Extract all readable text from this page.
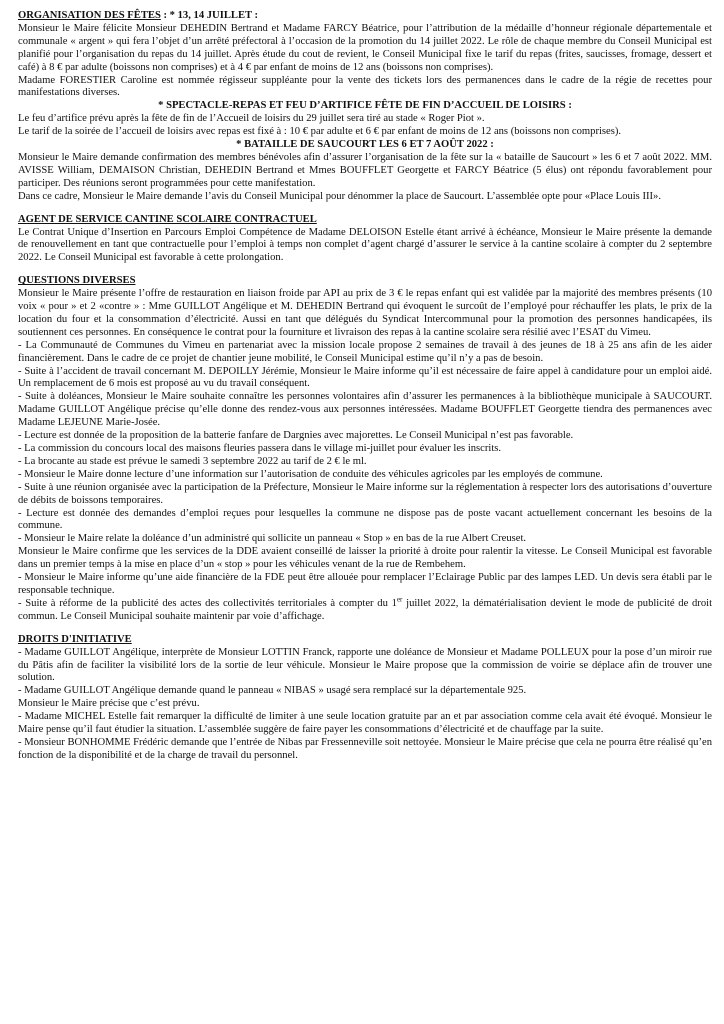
ORGANISATION DES FÊTES : * 13, 14 JUILLET :

Monsieur le Maire félicite Monsieur DEHEDIN Bertrand et Madame FARCY Béatrice, pour l’attribution de la médaille d’honneur régionale départementale et communale « argent » qui fera l’objet d’un arrêté préfectoral à l’occasion de la promotion du 14 juillet 2022. Le rôle de chaque membre du Conseil Municipal est planifié pour l’organisation du repas du 14 juillet. Après étude du cout de revient, le Conseil Municipal fixe le tarif du repas (frites, saucisses, fromage, dessert et café) à 8 € par adulte (boissons non comprises) et à 4 € par enfant de moins de 12 ans (boissons non comprises).

Madame FORESTIER Caroline est nommée régisseur suppléante pour la vente des tickets lors des permanences dans le cadre de la régie de recettes pour manifestations diverses.

* SPECTACLE-REPAS ET FEU D’ARTIFICE FÊTE DE FIN D’ACCUEIL DE LOISIRS :

Le feu d’artifice prévu après la fête de fin de l’Accueil de loisirs du 29 juillet sera tiré au stade « Roger Piot ».

Le tarif de la soirée de l’accueil de loisirs avec repas est fixé à : 10 € par adulte et 6 € par enfant de moins de 12 ans (boissons non comprises).

* BATAILLE DE SAUCOURT LES 6 ET 7 AOÛT 2022 :

Monsieur le Maire demande confirmation des membres bénévoles afin d’assurer l’organisation de la fête sur la « bataille de Saucourt » les 6 et 7 août 2022. MM. AVISSE William, DEMAISON Christian, DEHEDIN Bertrand et Mmes BOUFFLET Georgette et FARCY Béatrice (5 élus) ont répondu favorablement pour participer. Des réunions seront programmées pour cette manifestation.

Dans ce cadre, Monsieur le Maire demande l’avis du Conseil Municipal pour dénommer la place de Saucourt. L’assemblée opte pour «Place Louis III».

AGENT DE SERVICE CANTINE SCOLAIRE CONTRACTUEL

Le Contrat Unique d’Insertion en Parcours Emploi Compétence de Madame DELOISON Estelle étant arrivé à échéance, Monsieur le Maire présente la demande de renouvellement en tant que contractuelle pour l’emploi à temps non complet d’agent chargé d’assurer le service à la cantine scolaire à compter du 2 septembre 2022. Le Conseil Municipal est favorable à cette prolongation.

QUESTIONS DIVERSES

Monsieur le Maire présente l’offre de restauration en liaison froide par API au prix de 3 € le repas enfant qui est validée par la majorité des membres présents (10 voix « pour » et 2 «contre » : Mme GUILLOT Angélique et M. DEHEDIN Bertrand qui évoquent le surcoût de l’employé pour réchauffer les plats, le prix de la location du four et la consommation d’électricité. Aussi en tant que délégués du Syndicat Intercommunal pour la promotion des personnes handicapées, ils soutiennent ces personnes. En conséquence le contrat pour la fourniture et livraison des repas à la cantine scolaire sera résilié avec l’ESAT du Vimeu.

- La Communauté de Communes du Vimeu en partenariat avec la mission locale propose 2 semaines de travail à des jeunes de 18 à 25 ans afin de les aider financièrement. Dans le cadre de ce projet de chantier jeune mobilité, le Conseil Municipal estime qu’il n’y a pas de besoin.

- Suite à l’accident de travail concernant M. DEPOILLY Jérémie, Monsieur le Maire informe qu’il est nécessaire de faire appel à candidature pour un emploi aidé. Un remplacement de 6 mois est proposé au vu du travail conséquent.

- Suite à doléances, Monsieur le Maire souhaite connaître les personnes volontaires afin d’assurer les permanences à la bibliothèque municipale à SAUCOURT. Madame GUILLOT Angélique précise qu’elle donne des rendez-vous aux personnes intéressées. Madame BOUFFLET Georgette tiendra des permanences avec Madame LEJEUNE Marie-Josée.

- Lecture est donnée de la proposition de la batterie fanfare de Dargnies avec majorettes. Le Conseil Municipal n’est pas favorable.

- La commission du concours local des maisons fleuries passera dans le village mi-juillet pour évaluer les inscrits.

- La brocante au stade est prévue le samedi 3 septembre 2022 au tarif de 2 € le ml.

- Monsieur le Maire donne lecture d’une information sur l’autorisation de conduite des véhicules agricoles par les employés de commune.

- Suite à une réunion organisée avec la participation de la Préfecture, Monsieur le Maire informe sur la réglementation à respecter lors des autorisations d’ouverture de débits de boissons temporaires.

- Lecture est donnée des demandes d’emploi reçues pour lesquelles la commune ne dispose pas de poste vacant actuellement concernant les besoins de la commune.

- Monsieur le Maire relate la doléance d’un administré qui sollicite un panneau « Stop » en bas de la rue Albert Creuset.

Monsieur le Maire confirme que les services de la DDE avaient conseillé de laisser la priorité à droite pour ralentir la vitesse. Le Conseil Municipal est favorable dans un premier temps à la mise en place d’un « stop » pour les véhicules venant de la rue de Rembehem.

- Monsieur le Maire informe qu’une aide financière de la FDE peut être allouée pour remplacer l’Eclairage Public par des lampes LED. Un devis sera établi par le responsable technique.

- Suite à réforme de la publicité des actes des collectivités territoriales à compter du 1er juillet 2022, la dématérialisation devient le mode de publicité de droit commun. Le Conseil Municipal souhaite maintenir par voie d’affichage.

DROITS D'INITIATIVE

- Madame GUILLOT Angélique, interprète de Monsieur LOTTIN Franck, rapporte une doléance de Monsieur et Madame POLLEUX pour la pose d’un miroir rue du Pâtis afin de faciliter la visibilité lors de la sortie de leur véhicule. Monsieur le Maire propose que la commission de voirie se déplace afin de trouver une solution.

- Madame GUILLOT Angélique demande quand le panneau « NIBAS » usagé sera remplacé sur la départementale 925.

Monsieur le Maire précise que c’est prévu.

- Madame MICHEL Estelle fait remarquer la difficulté de limiter à une seule location gratuite par an et par association comme cela avait été évoqué. Monsieur le Maire pense qu’il faut étudier la situation. L’assemblée suggère de faire payer les consommations d’électricité et de chauffage par la suite.

- Monsieur BONHOMME Frédéric demande que l’entrée de Nibas par Fressenneville soit nettoyée. Monsieur le Maire précise que cela ne pourra être réalisé qu’en fonction de la disponibilité et de la charge de travail du personnel.
